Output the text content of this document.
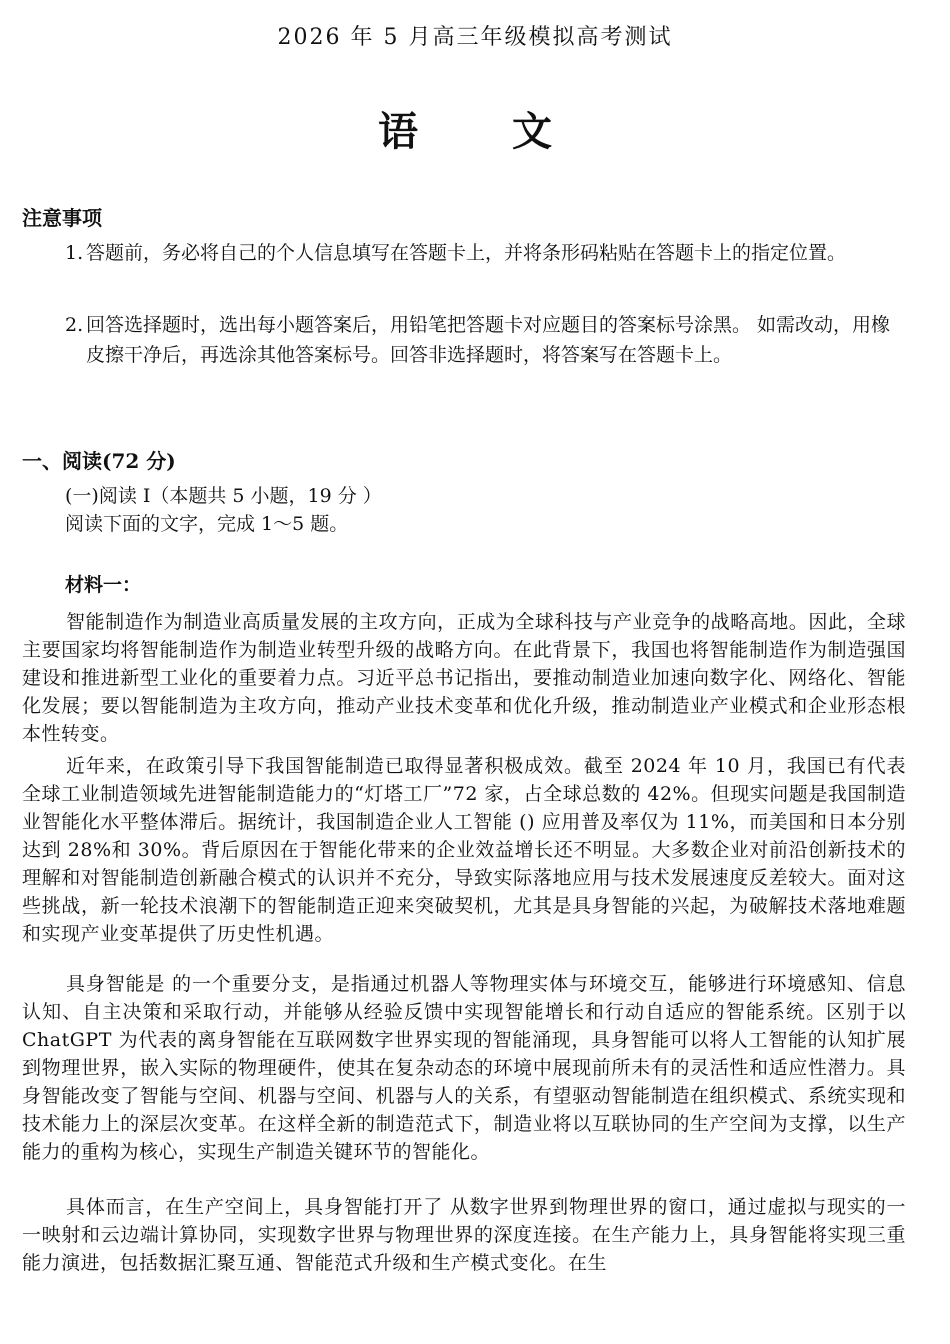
2026 年 5 月高三年级模拟高考测试
语 文
注意事项
1. 答题前，务必将自己的个人信息填写在答题卡上，并将条形码粘贴在答题卡上的指定位置。
2. 回答选择题时，选出每小题答案后，用铅笔把答题卡对应题目的答案标号涂黑。 如需改动，用橡皮擦干净后，再选涂其他答案标号。回答非选择题时，将答案写在答题卡上。
一、阅读(72 分)
(一)阅读 I（本题共 5 小题，19 分 ） 阅读下面的文字，完成 1～5 题。
材料一：
智能制造作为制造业高质量发展的主攻方向，正成为全球科技与产业竞争的战略高地。因此，全球主要国家均将智能制造作为制造业转型升级的战略方向。在此背景下，我国也将智能制造作为制造强国建设和推进新型工业化的重要着力点。习近平总书记指出，要推动制造业加速向数字化、网络化、智能化发展；要以智能制造为主攻方向，推动产业技术变革和优化升级，推动制造业产业模式和企业形态根本性转变。
近年来，在政策引导下我国智能制造已取得显著积极成效。截至 2024 年 10 月，我国已有代表全球工业制造领域先进智能制造能力的“灯塔工厂”72 家，占全球总数的 42%。但现实问题是我国制造业智能化水平整体滞后。据统计，我国制造企业人工智能 () 应用普及率仅为 11%，而美国和日本分别达到 28%和 30%。背后原因在于智能化带来的企业效益增长还不明显。大多数企业对前沿创新技术的理解和对智能制造创新融合模式的认识并不充分，导致实际落地应用与技术发展速度反差较大。面对这些挑战，新一轮技术浪潮下的智能制造正迎来突破契机，尤其是具身智能的兴起，为破解技术落地难题和实现产业变革提供了历史性机遇。
具身智能是 的一个重要分支，是指通过机器人等物理实体与环境交互，能够进行环境感知、信息认知、自主决策和采取行动，并能够从经验反馈中实现智能增长和行动自适应的智能系统。区别于以 ChatGPT 为代表的离身智能在互联网数字世界实现的智能涌现，具身智能可以将人工智能的认知扩展到物理世界，嵌入实际的物理硬件，使其在复杂动态的环境中展现前所未有的灵活性和适应性潜力。具身智能改变了智能与空间、机器与空间、机器与人的关系，有望驱动智能制造在组织模式、系统实现和技术能力上的深层次变革。在这样全新的制造范式下，制造业将以互联协同的生产空间为支撑，以生产能力的重构为核心，实现生产制造关键环节的智能化。
具体而言，在生产空间上，具身智能打开了 从数字世界到物理世界的窗口，通过虚拟与现实的一一映射和云边端计算协同，实现数字世界与物理世界的深度连接。在生产能力上，具身智能将实现三重能力演进，包括数据汇聚互通、智能范式升级和生产模式变化。在生
